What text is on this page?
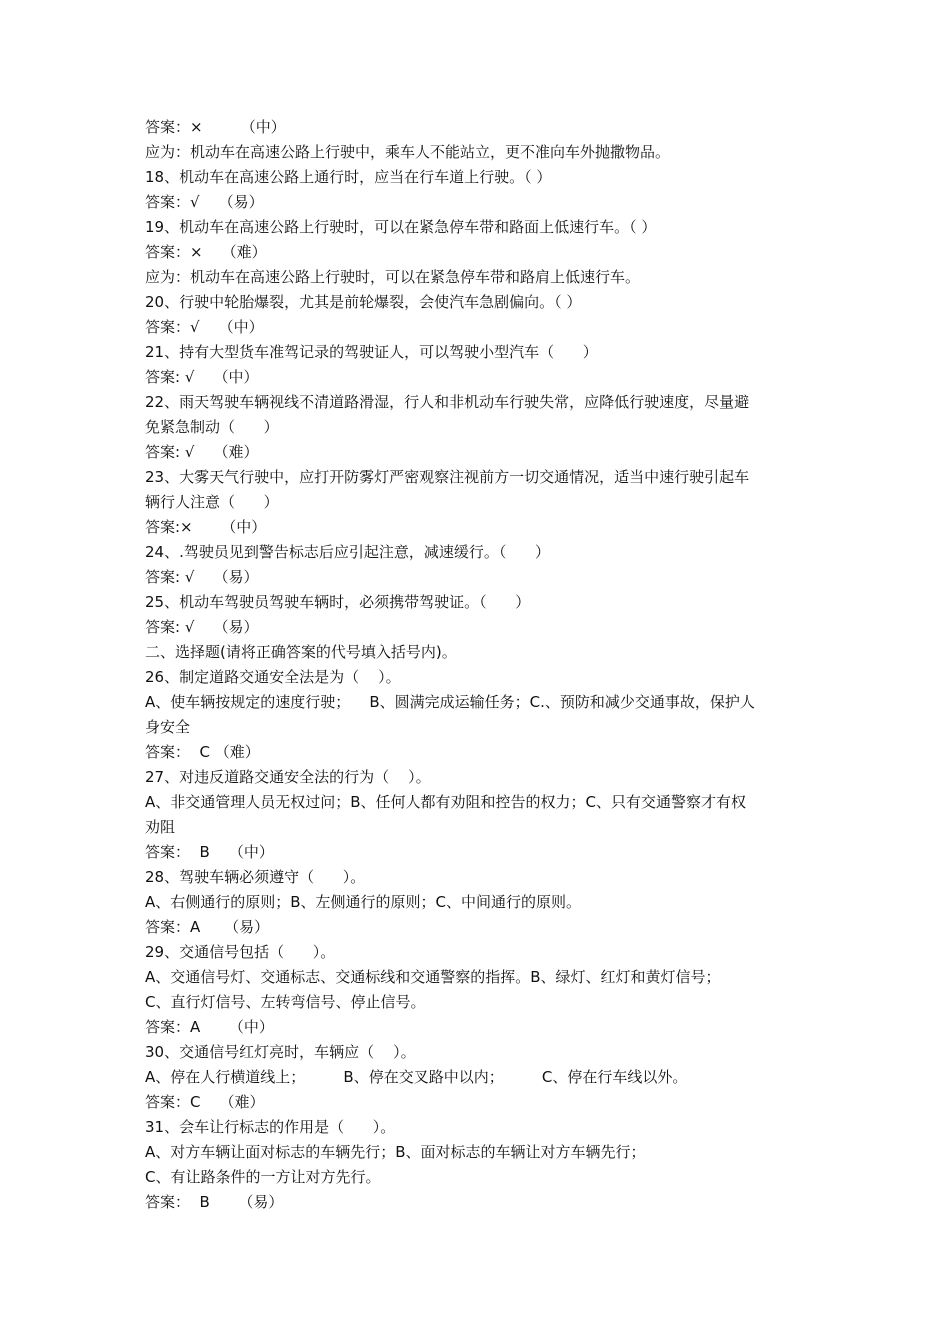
答案：×        （中）
应为：机动车在高速公路上行驶中，乘车人不能站立，更不准向车外抛撒物品。
18、机动车在高速公路上通行时，应当在行车道上行驶。（ ）
答案：√    （易）
19、机动车在高速公路上行驶时，可以在紧急停车带和路面上低速行车。（ ）
答案：×    （难）
应为：机动车在高速公路上行驶时，可以在紧急停车带和路肩上低速行车。
20、行驶中轮胎爆裂，尤其是前轮爆裂，会使汽车急剧偏向。（ ）
答案：√    （中）
21、持有大型货车准驾记录的驾驶证人，可以驾驶小型汽车（      ）
答案: √    （中）
22、雨天驾驶车辆视线不清道路滑湿，行人和非机动车行驶失常，应降低行驶速度，尽量避
免紧急制动（      ）
答案: √    （难）
23、大雾天气行驶中，应打开防雾灯严密观察注视前方一切交通情况，适当中速行驶引起车
辆行人注意（      ）
答案:×      （中）
24、.驾驶员见到警告标志后应引起注意，减速缓行。（      ）
答案: √    （易）
25、机动车驾驶员驾驶车辆时，必须携带驾驶证。（      ）
答案: √    （易）
二、选择题(请将正确答案的代号填入括号内)。
26、制定道路交通安全法是为（    ）。
A、使车辆按规定的速度行驶；    B、圆满完成运输任务；C.、预防和减少交通事故，保护人
身安全
答案：  C （难）
27、对违反道路交通安全法的行为（    ）。
A、非交通管理人员无权过问；B、任何人都有劝阻和控告的权力；C、只有交通警察才有权
劝阻
答案：  B    （中）
28、驾驶车辆必须遵守（      ）。
A、右侧通行的原则；B、左侧通行的原则；C、中间通行的原则。
答案：A     （易）
29、交通信号包括（      ）。
A、交通信号灯、交通标志、交通标线和交通警察的指挥。B、绿灯、红灯和黄灯信号；
C、直行灯信号、左转弯信号、停止信号。
答案：A      （中）
30、交通信号红灯亮时，车辆应（    ）。
A、停在人行横道线上；        B、停在交叉路中以内；        C、停在行车线以外。
答案：C    （难）
31、会车让行标志的作用是（      ）。
A、对方车辆让面对标志的车辆先行；B、面对标志的车辆让对方车辆先行；
C、有让路条件的一方让对方先行。
答案：  B      （易）
